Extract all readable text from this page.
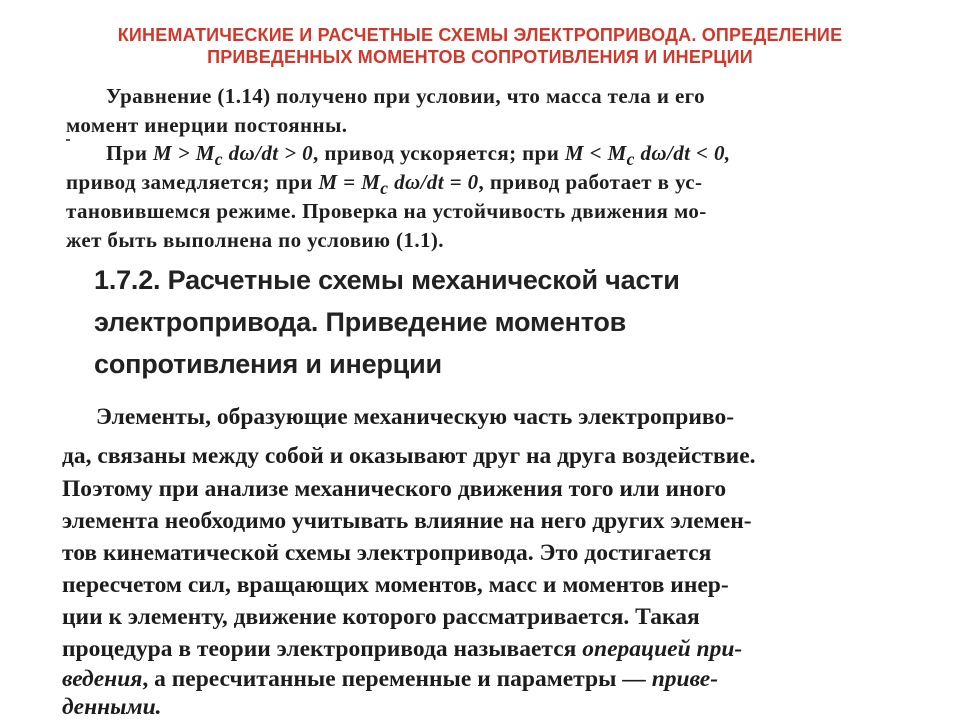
КИНЕМАТИЧЕСКИЕ И РАСЧЕТНЫЕ СХЕМЫ ЭЛЕКТРОПРИВОДА. ОПРЕДЕЛЕНИЕ
ПРИВЕДЕННЫХ МОМЕНТОВ СОПРОТИВЛЕНИЯ И ИНЕРЦИИ
Уравнение (1.14) получено при условии, что масса тела и его
момент инерции постоянны.
При $M > M_c$ dω/dt > 0, привод ускоряется; при $M < M_c$ dω/dt < 0,
привод замедляется; при $M = M_c$ dω/dt = 0, привод работает в ус-
тановившемся режиме. Проверка на устойчивость движения мо-
жет быть выполнена по условию (1.1).
1.7.2. Расчетные схемы механической части
электропривода. Приведение моментов
сопротивления и инерции
Элементы, образующие механическую часть электроприво-
да, связаны между собой и оказывают друг на друга воздействие.
Поэтому при анализе механического движения того или иного
элемента необходимо учитывать влияние на него других элемен-
тов кинематической схемы электропривода. Это достигается
пересчетом сил, вращающих моментов, масс и моментов инер-
ции к элементу, движение которого рассматривается. Такая
процедура в теории электропривода называется операцией при-
ведения, а пересчитанные переменные и параметры — приве-
денными.
